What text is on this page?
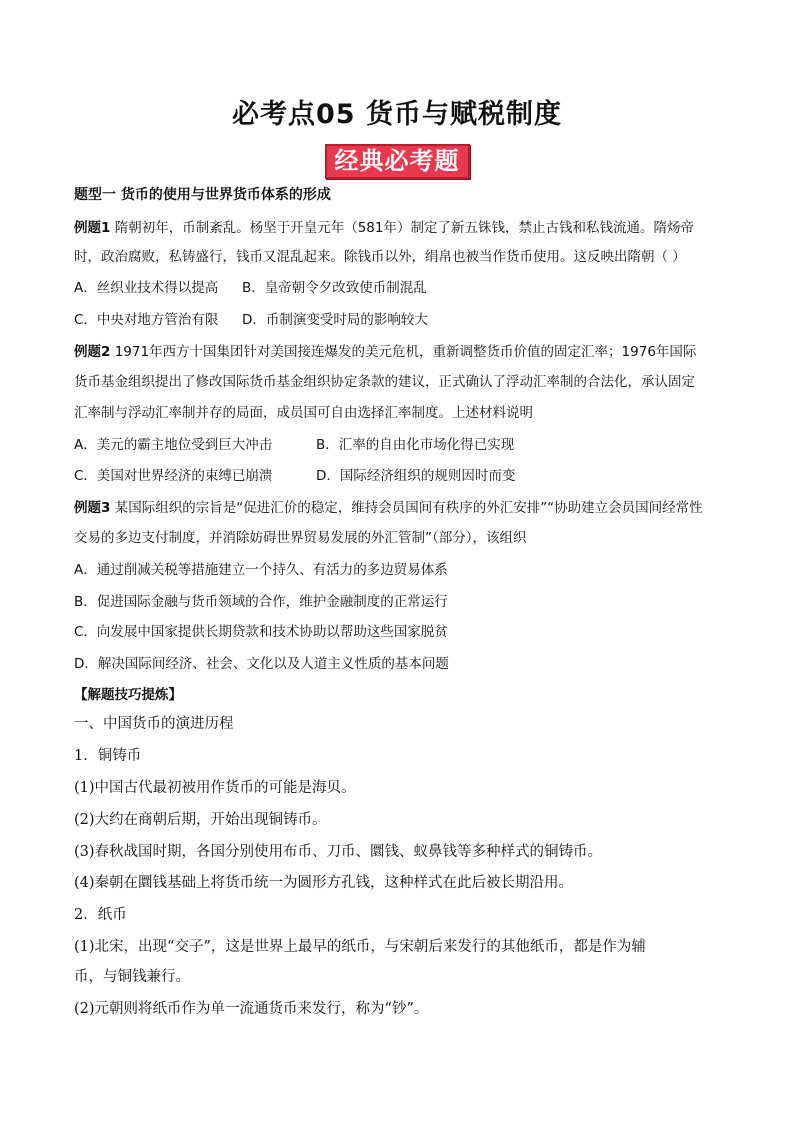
必考点05 货币与赋税制度
经典必考题
题型一 货币的使用与世界货币体系的形成
例题1 隋朝初年，币制紊乱。杨坚于开皇元年（581年）制定了新五铢钱，禁止古钱和私钱流通。隋炀帝
时，政治腐败，私铸盛行，钱币又混乱起来。除钱币以外，绢帛也被当作货币使用。这反映出隋朝（ ）
A．丝织业技术得以提高 B．皇帝朝令夕改致使币制混乱
C．中央对地方管治有限 D．币制演变受时局的影响较大
例题2 1971年西方十国集团针对美国接连爆发的美元危机，重新调整货币价值的固定汇率；1976年国际
货币基金组织提出了修改国际货币基金组织协定条款的建议，正式确认了浮动汇率制的合法化，承认固定
汇率制与浮动汇率制并存的局面，成员国可自由选择汇率制度。上述材料说明
A．美元的霸主地位受到巨大冲击	B．汇率的自由化市场化得已实现
C．美国对世界经济的束缚已崩溃	D．国际经济组织的规则因时而变
例题3 某国际组织的宗旨是“促进汇价的稳定，维持会员国间有秩序的外汇安排”“协助建立会员国间经常性
交易的多边支付制度，并消除妨碍世界贸易发展的外汇管制”（部分），该组织
A．通过削减关税等措施建立一个持久、有活力的多边贸易体系
B．促进国际金融与货币领域的合作，维护金融制度的正常运行
C．向发展中国家提供长期贷款和技术协助以帮助这些国家脱贫
D．解决国际间经济、社会、文化以及人道主义性质的基本问题
【解题技巧提炼】
一、中国货币的演进历程
1．铜铸币
(1)中国古代最初被用作货币的可能是海贝。
(2)大约在商朝后期，开始出现铜铸币。
(3)春秋战国时期，各国分别使用布币、刀币、圜钱、蚁鼻钱等多种样式的铜铸币。
(4)秦朝在圜钱基础上将货币统一为圆形方孔钱，这种样式在此后被长期沿用。
2．纸币
(1)北宋，出现“交子”，这是世界上最早的纸币，与宋朝后来发行的其他纸币，都是作为辅
币，与铜钱兼行。
(2)元朝则将纸币作为单一流通货币来发行，称为“钞”。
